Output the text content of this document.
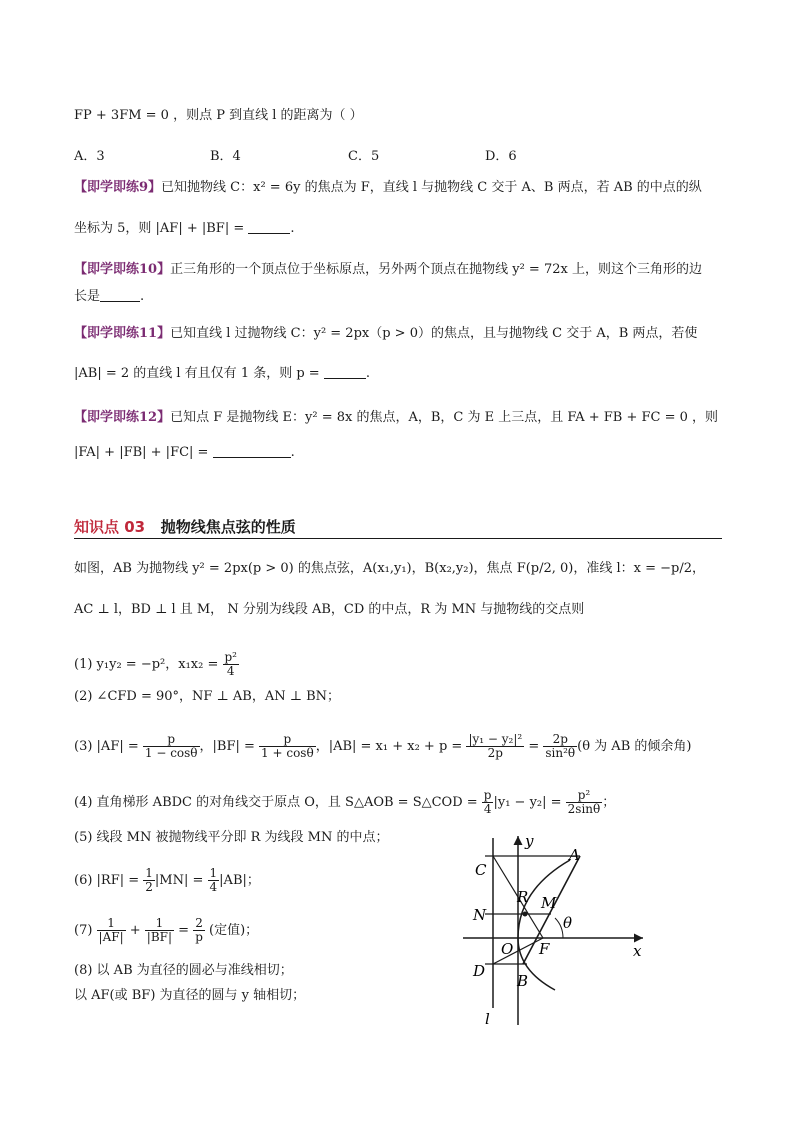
FP + 3FM = 0 ，则点 P 到直线 l 的距离为（ ）
A．3	B．4	C．5	D．6
【即学即练9】已知抛物线 C：x² = 6y 的焦点为 F，直线 l 与抛物线 C 交于 A、B 两点，若 AB 的中点的纵
坐标为 5，则 |AF| + |BF| =	.
【即学即练10】正三角形的一个顶点位于坐标原点，另外两个顶点在抛物线 y² = 72x 上，则这个三角形的边
长是	.
【即学即练11】已知直线 l 过抛物线 C：y² = 2px（p > 0）的焦点，且与抛物线 C 交于 A，B 两点，若使
|AB| = 2 的直线 l 有且仅有 1 条，则 p =	.
【即学即练12】已知点 F 是抛物线 E：y² = 8x 的焦点，A，B，C 为 E 上三点，且 FA + FB + FC = 0 ，则
|FA| + |FB| + |FC| =	.
知识点 03 抛物线焦点弦的性质
如图，AB 为抛物线 y² = 2px(p > 0) 的焦点弦，A(x₁,y₁)，B(x₂,y₂)，焦点 F(p/2, 0)，准线 l：x = −p/2，
AC ⊥ l，BD ⊥ l 且 M， N 分别为线段 AB，CD 的中点，R 为 MN 与抛物线的交点则
(1) y₁y₂ = −p²，$x_1x_2 = \frac{\text{p²}}{4}$
(2) ∠CFD = 90°，NF ⊥ AB，AN ⊥ BN；
(3) $|AF| = \frac{p}{1 - \cos\theta}$ ，$|BF| = \frac{p}{1 + \cos\theta}$ ，$|AB| = x_1 + x_2 + p = \frac{\text{|y₁ − y₂|²}}{2p} = \frac{2p}{\text{sin²θ}} (\theta$ 为 AB 的倾余角)
(4) 直角梯形 ABDC 的对角线交于原点 O，且 S△AOB = S△COD = $\frac{p}{4} |y_1 - y_2| = \frac{\text{p²}}{2\sin\theta}$ ；
(5) 线段 MN 被抛物线平分即 R 为线段 MN 的中点；
(6) $|RF| = \frac{1}{2} |MN| = \frac{1}{4} |AB|$；
$(7) \frac{1}{|AF|} + \frac{1}{|BF|} = \frac{2}{p}$ (定值)；
(8) 以 AB 为直径的圆必与准线相切；
以 AF(或 BF) 为直径的圆与 y 轴相切；
y
x
C
A
R M
N	θ
O F
D
B
l
